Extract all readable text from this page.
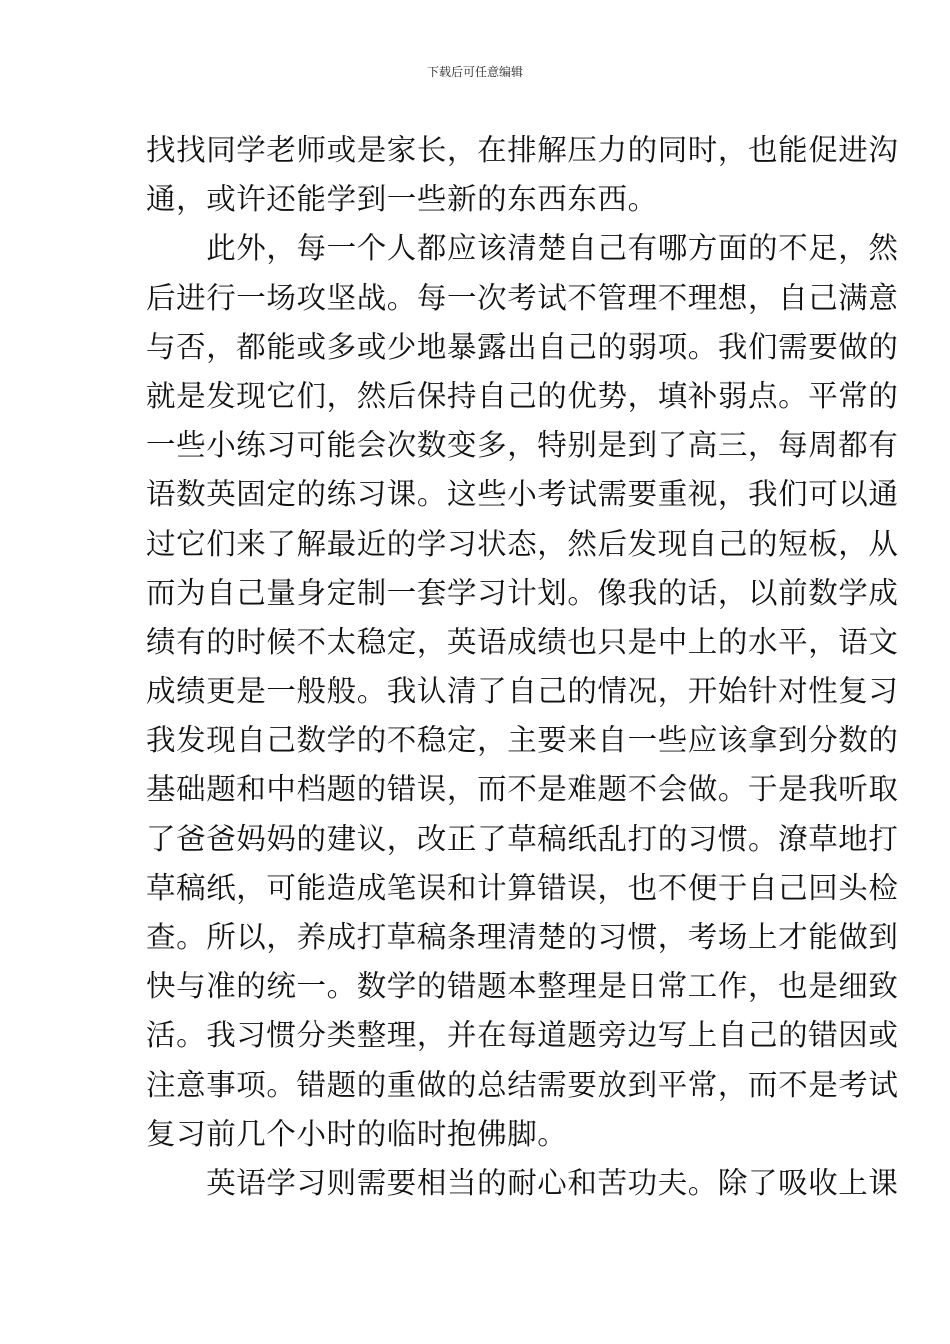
下载后可任意编辑
找找同学老师或是家长，在排解压力的同时，也能促进沟
通，或许还能学到一些新的东西东西。
　　此外，每一个人都应该清楚自己有哪方面的不足，然
后进行一场攻坚战。每一次考试不管理不理想，自己满意
与否，都能或多或少地暴露出自己的弱项。我们需要做的
就是发现它们，然后保持自己的优势，填补弱点。平常的
一些小练习可能会次数变多，特别是到了高三，每周都有
语数英固定的练习课。这些小考试需要重视，我们可以通
过它们来了解最近的学习状态，然后发现自己的短板，从
而为自己量身定制一套学习计划。像我的话，以前数学成
绩有的时候不太稳定，英语成绩也只是中上的水平，语文
成绩更是一般般。我认清了自己的情况，开始针对性复习
我发现自己数学的不稳定，主要来自一些应该拿到分数的
基础题和中档题的错误，而不是难题不会做。于是我听取
了爸爸妈妈的建议，改正了草稿纸乱打的习惯。潦草地打
草稿纸，可能造成笔误和计算错误，也不便于自己回头检
查。所以，养成打草稿条理清楚的习惯，考场上才能做到
快与准的统一。数学的错题本整理是日常工作，也是细致
活。我习惯分类整理，并在每道题旁边写上自己的错因或
注意事项。错题的重做的总结需要放到平常，而不是考试
复习前几个小时的临时抱佛脚。
　　英语学习则需要相当的耐心和苦功夫。除了吸收上课
